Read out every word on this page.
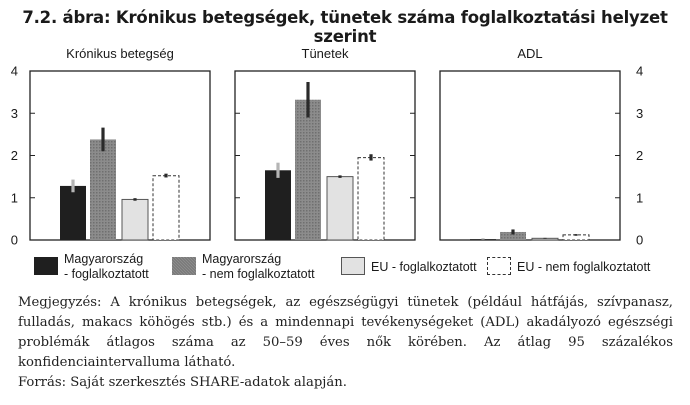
7.2. ábra: Krónikus betegségek, tünetek száma foglalkoztatási helyzet szerint
Krónikus betegség
0
1
2
3
4
Tünetek	ADL
0
1
2
3
4
Magyarország
- foglalkoztatott
Magyarország
- nem foglalkoztatott	EU - foglalkoztatott	EU - nem foglalkoztatott
Megjegyzés: A krónikus betegségek, az egészségügyi tünetek (például hátfájás, szívpanasz, fulladás, makacs köhögés stb.) és a mindennapi tevékenységeket (ADL) akadályozó egészségi problémák átlagos száma az 50–59 éves nők körében. Az átlag 95 százalékos konfidenciaintervalluma látható.
Forrás: Saját szerkesztés SHARE-adatok alapján.
